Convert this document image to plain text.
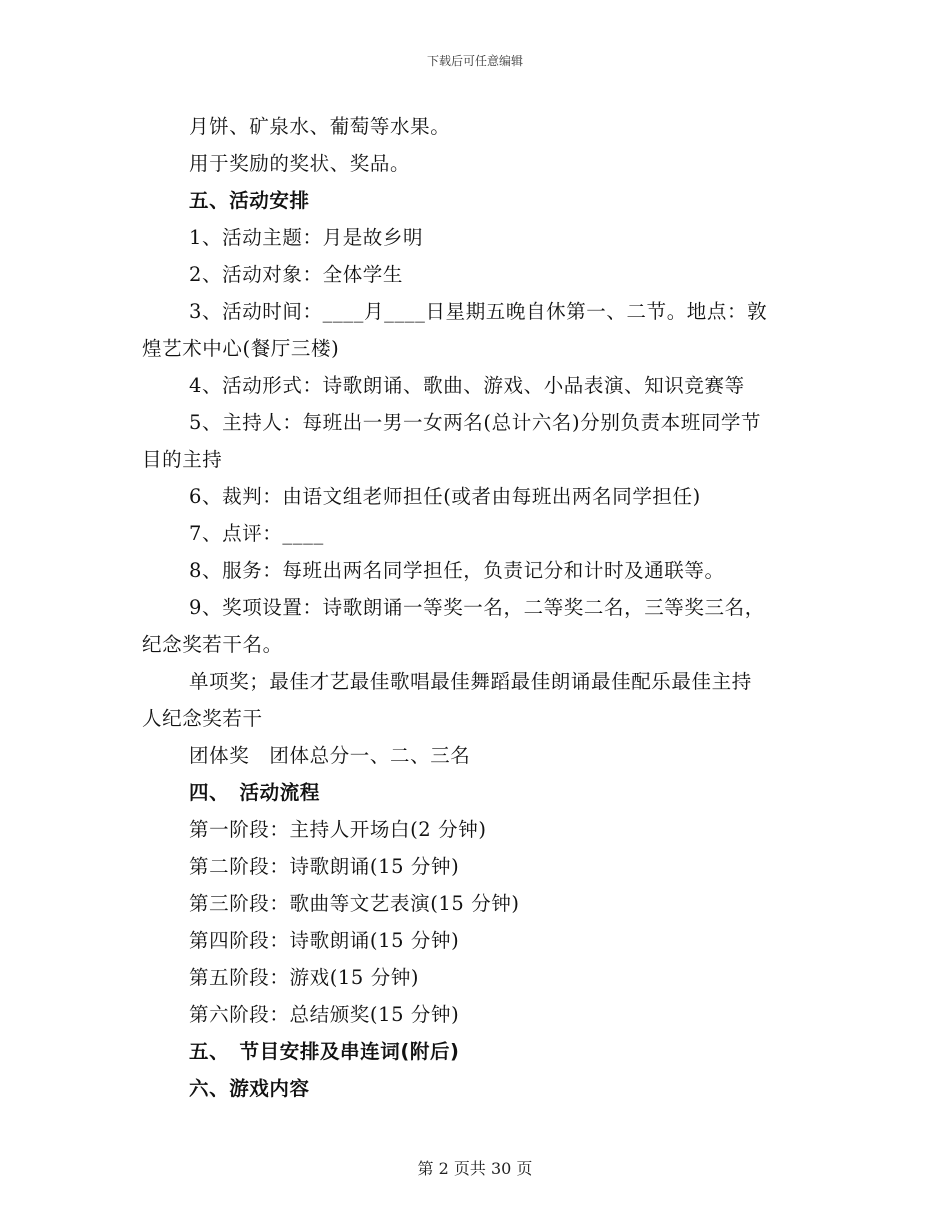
下载后可任意编辑
月饼、矿泉水、葡萄等水果。
用于奖励的奖状、奖品。
五、活动安排
1、活动主题：月是故乡明
2、活动对象：全体学生
3、活动时间：____月____日星期五晚自休第一、二节。地点：敦
煌艺术中心(餐厅三楼)
4、活动形式：诗歌朗诵、歌曲、游戏、小品表演、知识竞赛等
5、主持人：每班出一男一女两名(总计六名)分别负责本班同学节
目的主持
6、裁判：由语文组老师担任(或者由每班出两名同学担任)
7、点评：____
8、服务：每班出两名同学担任，负责记分和计时及通联等。
9、奖项设置：诗歌朗诵一等奖一名，二等奖二名，三等奖三名，
纪念奖若干名。
单项奖；最佳才艺最佳歌唱最佳舞蹈最佳朗诵最佳配乐最佳主持
人纪念奖若干
团体奖　团体总分一、二、三名
四、　活动流程
第一阶段：主持人开场白(2 分钟)
第二阶段：诗歌朗诵(15 分钟)
第三阶段：歌曲等文艺表演(15 分钟)
第四阶段：诗歌朗诵(15 分钟)
第五阶段：游戏(15 分钟)
第六阶段：总结颁奖(15 分钟)
五、　节目安排及串连词(附后)
六、游戏内容
第 2 页共 30 页
